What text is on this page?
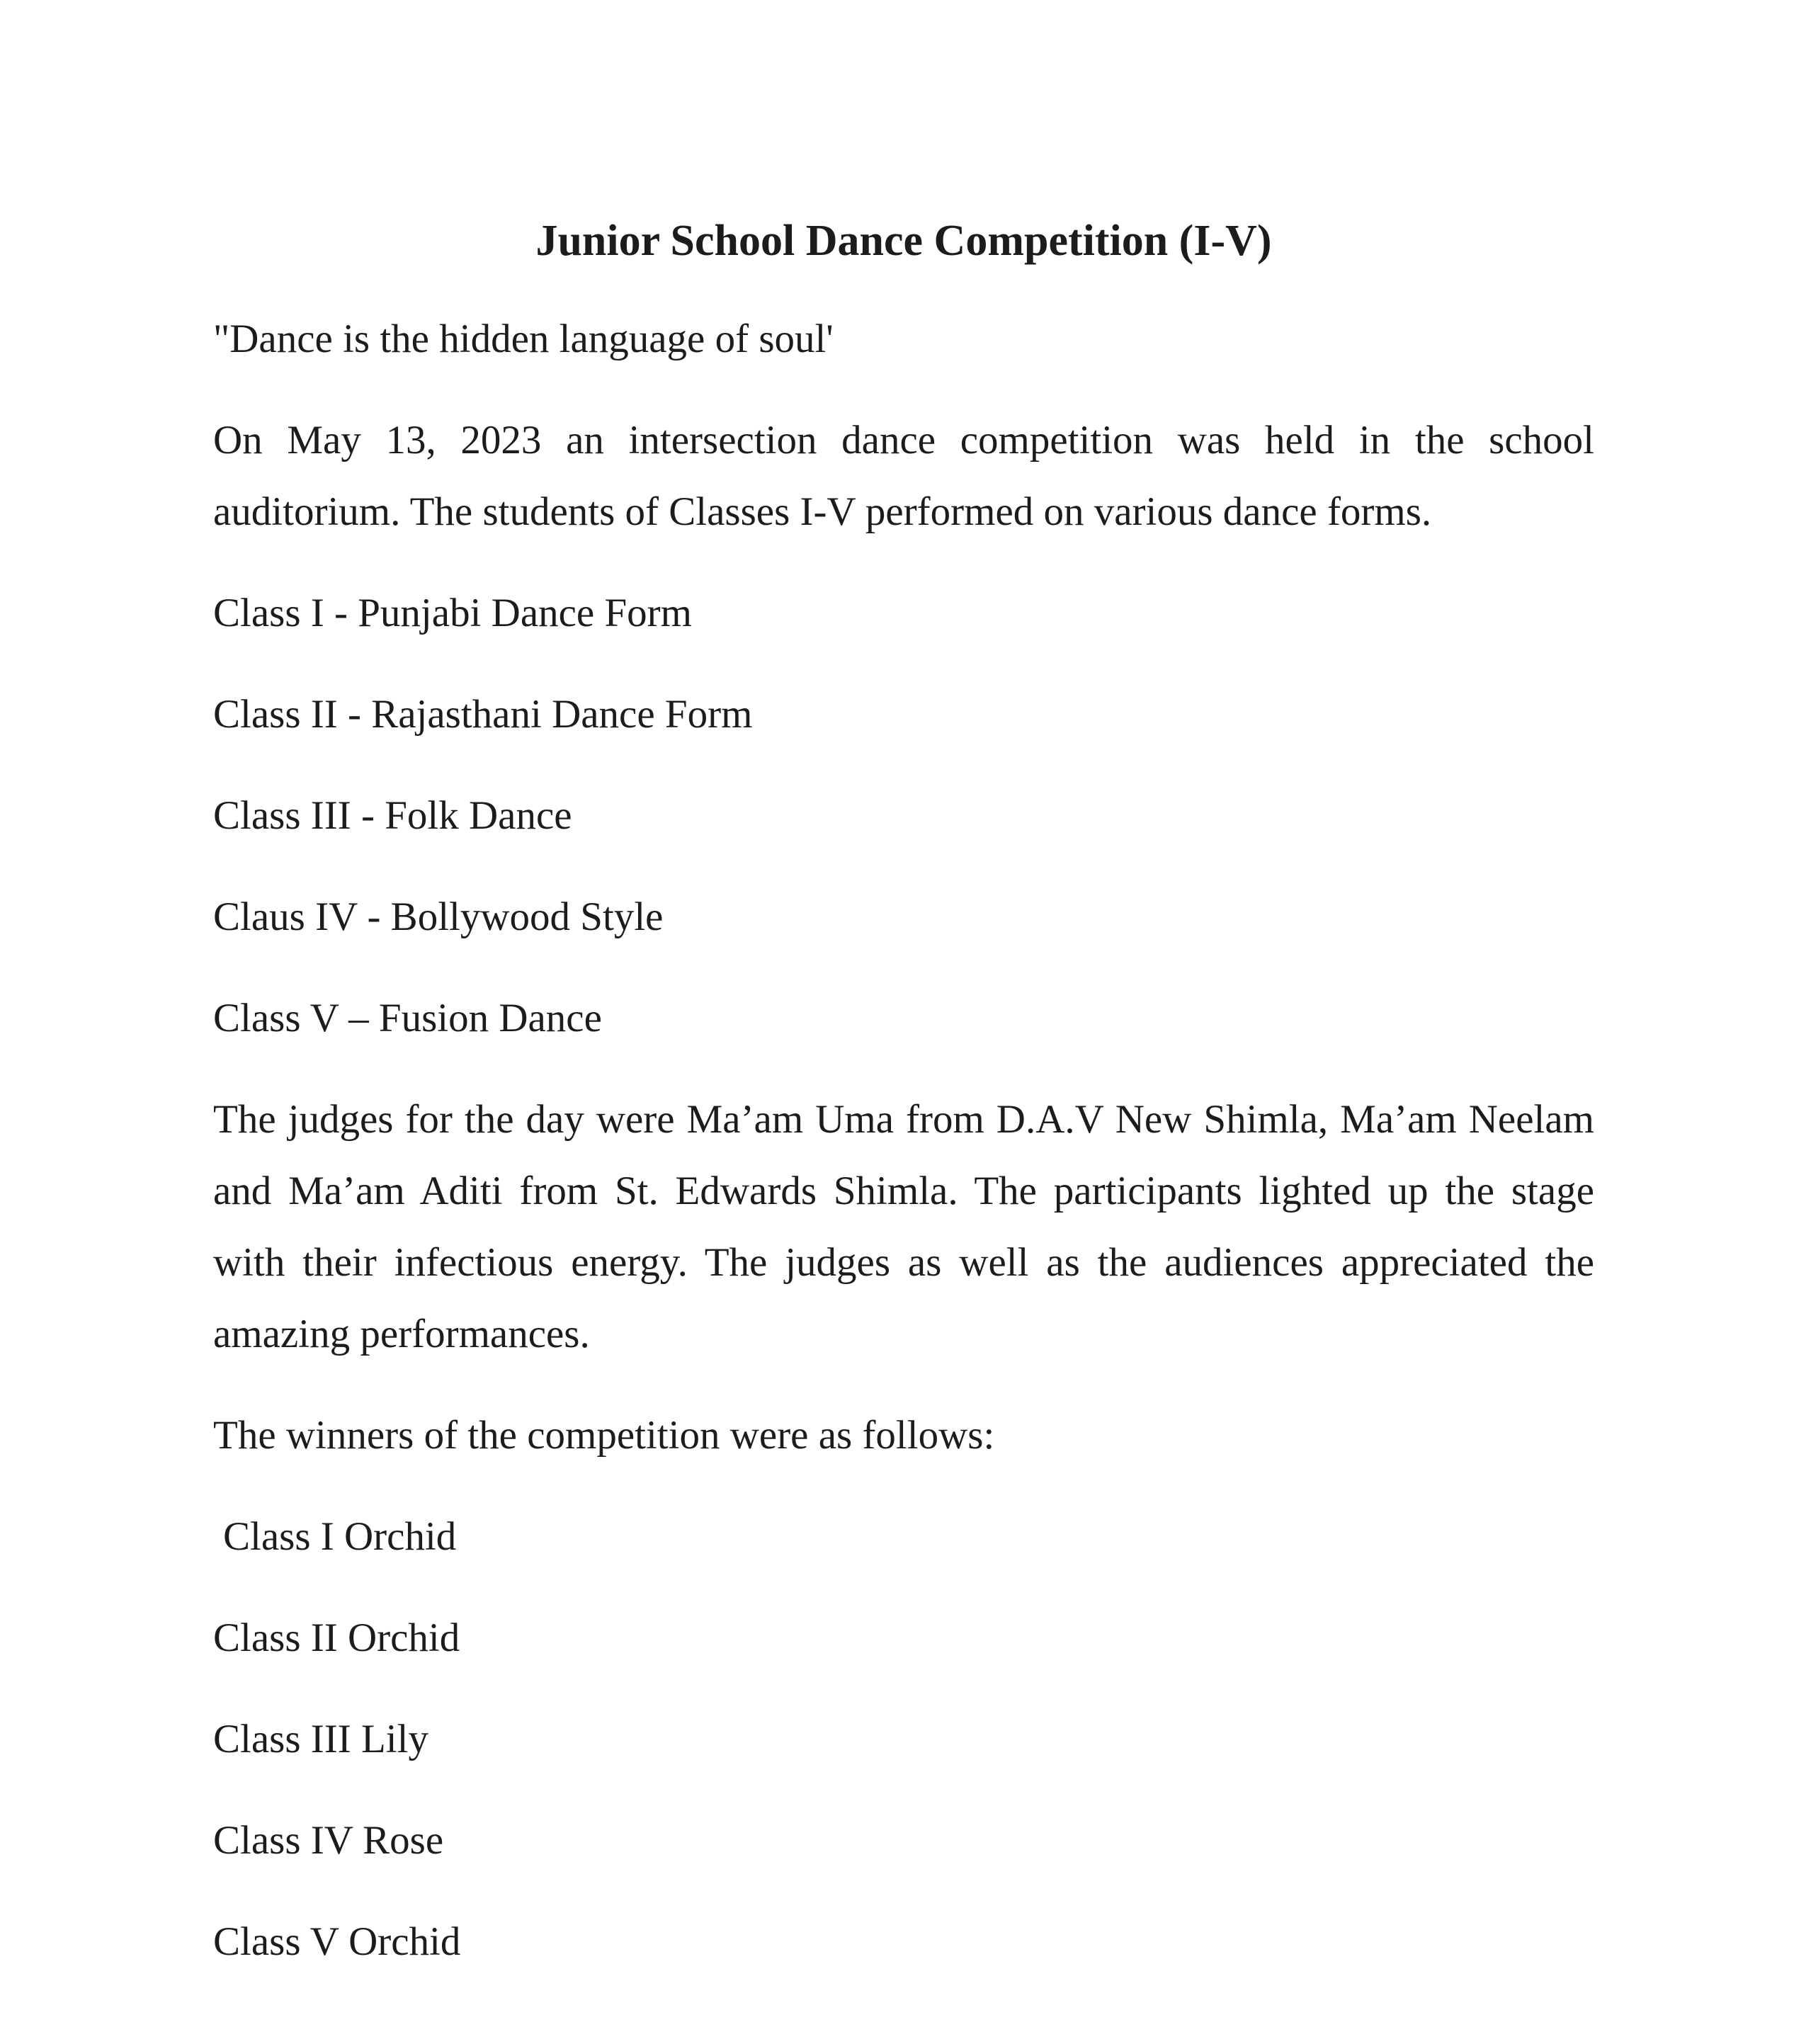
Junior School Dance Competition (I-V)
"Dance is the hidden language of soul'
On May 13, 2023 an intersection dance competition was held in the school auditorium. The students of Classes I-V performed on various dance forms.
Class I - Punjabi Dance Form
Class II - Rajasthani Dance Form
Class III - Folk Dance
Claus IV - Bollywood Style
Class V – Fusion Dance
The judges for the day were Ma’am Uma from D.A.V New Shimla, Ma’am Neelam and Ma’am Aditi from St. Edwards Shimla. The participants lighted up the stage with their infectious energy. The judges as well as the audiences appreciated the amazing performances.
The winners of the competition were as follows:
Class I Orchid
Class II Orchid
Class III Lily
Class IV Rose
Class V Orchid
